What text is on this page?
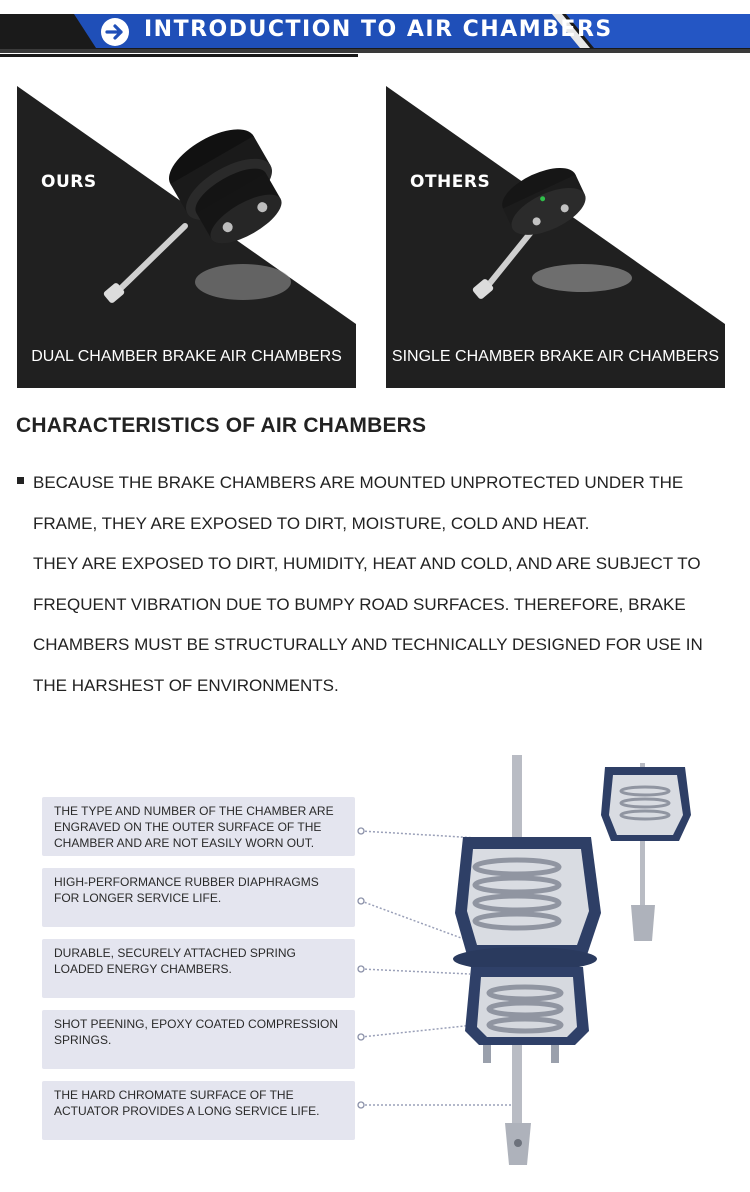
INTRODUCTION TO AIR CHAMBERS
OURS
DUAL CHAMBER BRAKE AIR CHAMBERS
OTHERS
SINGLE CHAMBER BRAKE AIR CHAMBERS
CHARACTERISTICS OF AIR CHAMBERS
BECAUSE THE BRAKE CHAMBERS ARE MOUNTED UNPROTECTED UNDER THE FRAME, THEY ARE EXPOSED TO DIRT, MOISTURE, COLD AND HEAT.
THEY ARE EXPOSED TO DIRT, HUMIDITY, HEAT AND COLD, AND ARE SUBJECT TO FREQUENT VIBRATION DUE TO BUMPY ROAD SURFACES. THEREFORE, BRAKE CHAMBERS MUST BE STRUCTURALLY AND TECHNICALLY DESIGNED FOR USE IN THE HARSHEST OF ENVIRONMENTS.
THE TYPE AND NUMBER OF THE CHAMBER ARE ENGRAVED ON THE OUTER SURFACE OF THE CHAMBER AND ARE NOT EASILY WORN OUT.
HIGH-PERFORMANCE RUBBER DIAPHRAGMS FOR LONGER SERVICE LIFE.
DURABLE, SECURELY ATTACHED SPRING LOADED ENERGY CHAMBERS.
SHOT PEENING, EPOXY COATED COMPRESSION SPRINGS.
THE HARD CHROMATE SURFACE OF THE ACTUATOR PROVIDES A LONG SERVICE LIFE.
